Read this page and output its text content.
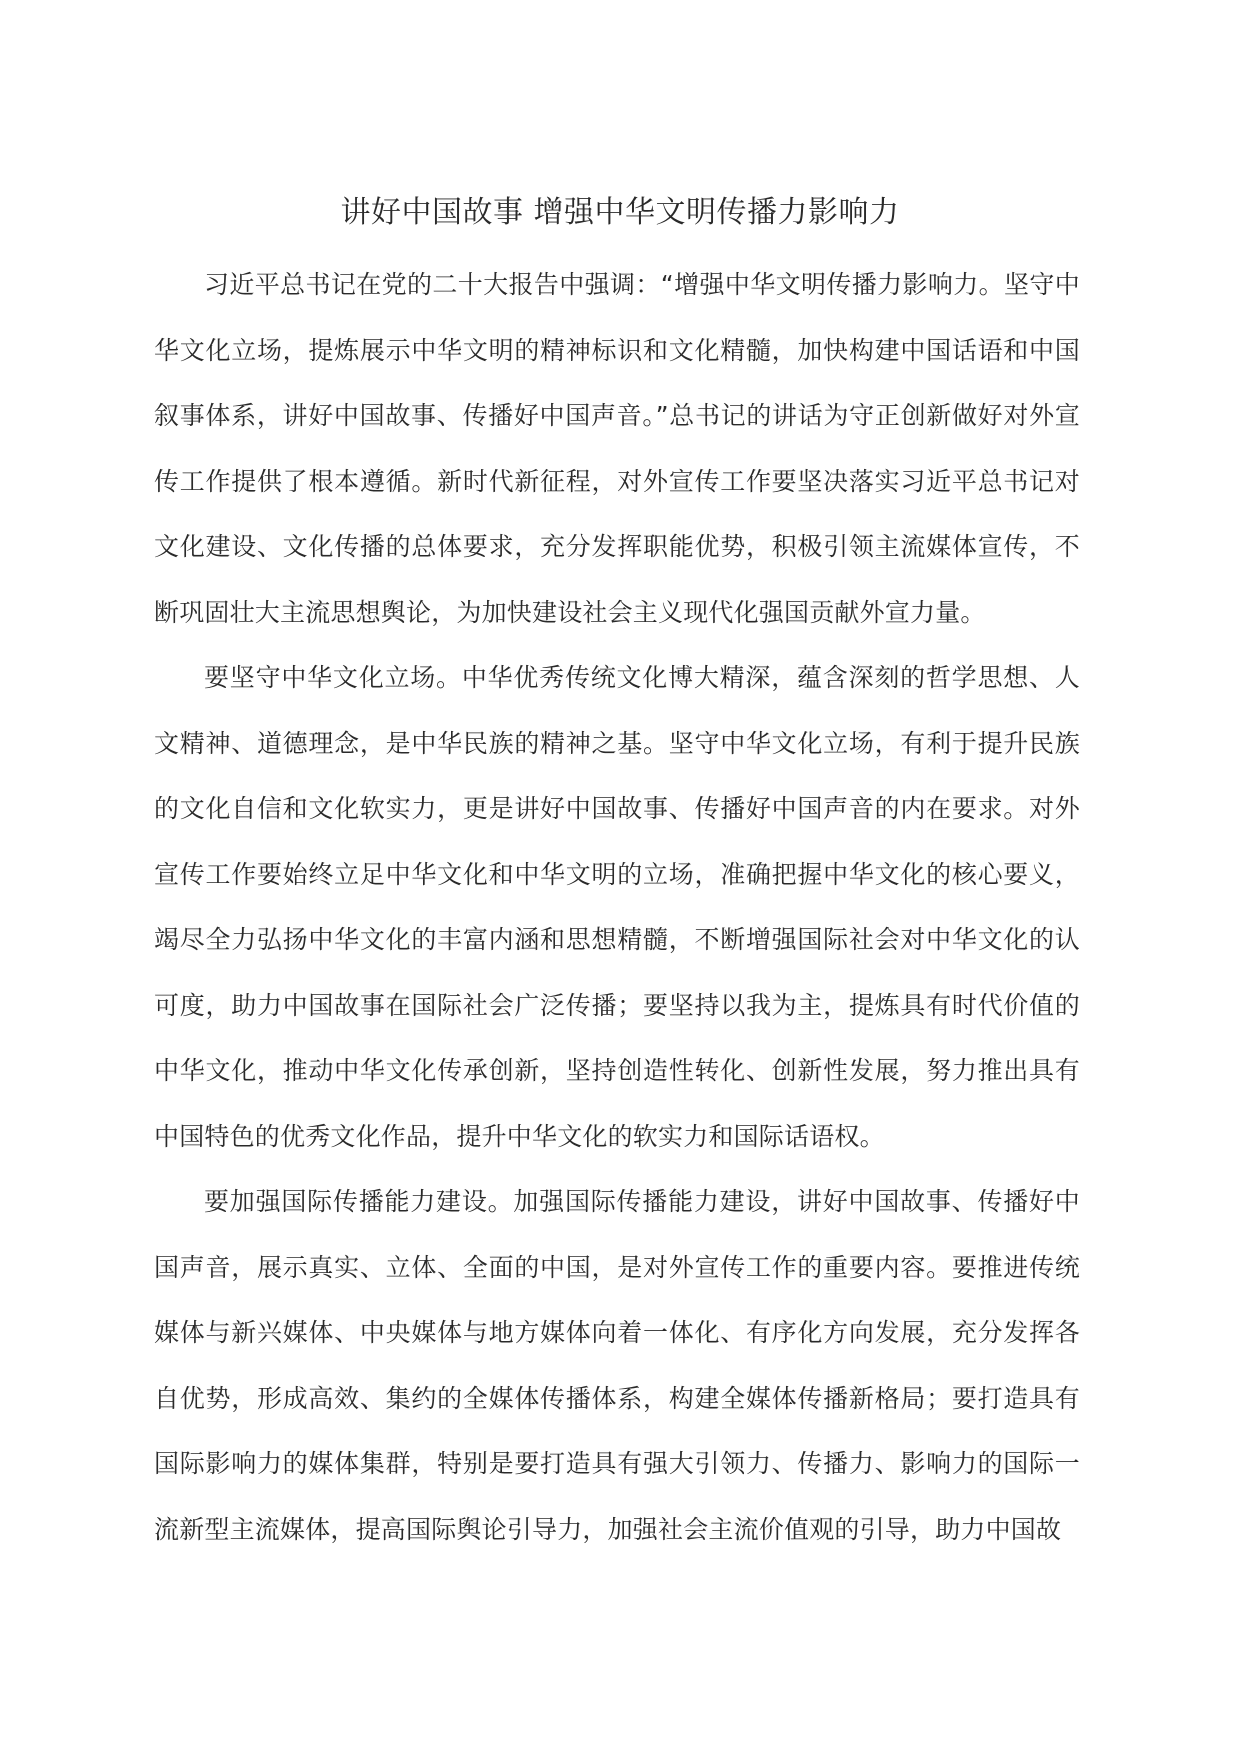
讲好中国故事 增强中华文明传播力影响力

习近平总书记在党的二十大报告中强调：“增强中华文明传播力影响力。坚守中华文化立场，提炼展示中华文明的精神标识和文化精髓，加快构建中国话语和中国叙事体系，讲好中国故事、传播好中国声音。”总书记的讲话为守正创新做好对外宣传工作提供了根本遵循。新时代新征程，对外宣传工作要坚决落实习近平总书记对文化建设、文化传播的总体要求，充分发挥职能优势，积极引领主流媒体宣传，不断巩固壮大主流思想舆论，为加快建设社会主义现代化强国贡献外宣力量。

要坚守中华文化立场。中华优秀传统文化博大精深，蕴含深刻的哲学思想、人文精神、道德理念，是中华民族的精神之基。坚守中华文化立场，有利于提升民族的文化自信和文化软实力，更是讲好中国故事、传播好中国声音的内在要求。对外宣传工作要始终立足中华文化和中华文明的立场，准确把握中华文化的核心要义，竭尽全力弘扬中华文化的丰富内涵和思想精髓，不断增强国际社会对中华文化的认可度，助力中国故事在国际社会广泛传播；要坚持以我为主，提炼具有时代价值的中华文化，推动中华文化传承创新，坚持创造性转化、创新性发展，努力推出具有中国特色的优秀文化作品，提升中华文化的软实力和国际话语权。

要加强国际传播能力建设。加强国际传播能力建设，讲好中国故事、传播好中国声音，展示真实、立体、全面的中国，是对外宣传工作的重要内容。要推进传统媒体与新兴媒体、中央媒体与地方媒体向着一体化、有序化方向发展，充分发挥各自优势，形成高效、集约的全媒体传播体系，构建全媒体传播新格局；要打造具有国际影响力的媒体集群，特别是要打造具有强大引领力、传播力、影响力的国际一流新型主流媒体，提高国际舆论引导力，加强社会主流价值观的引导，助力中国故
